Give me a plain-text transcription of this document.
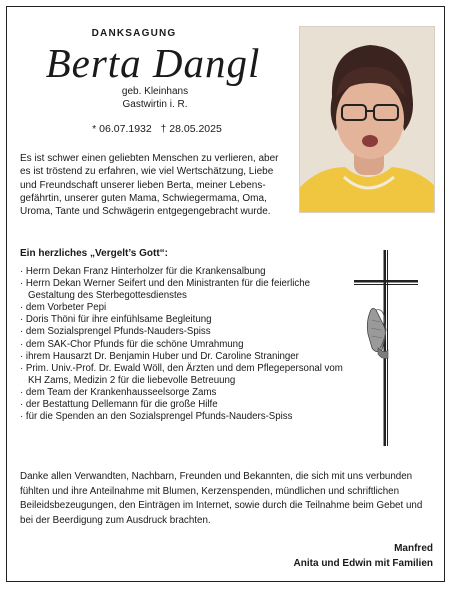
DANKSAGUNG
Berta Dangl
geb. Kleinhans
Gastwirtin i. R.
* 06.07.1932 † 28.05.2025
Es ist schwer einen geliebten Menschen zu verlieren, aber
es ist tröstend zu erfahren, wie viel Wertschätzung, Liebe
und Freundschaft unserer lieben Berta, meiner Lebens-
gefährtin, unserer guten Mama, Schwiegermama, Oma,
Uroma, Tante und Schwägerin entgegengebracht wurde.
Ein herzliches „Vergelt’s Gott“:
· Herrn Dekan Franz Hinterholzer für die Krankensalbung
· Herrn Dekan Werner Seifert und den Ministranten für die feierliche Gestaltung des Sterbegottesdienstes
· dem Vorbeter Pepi
· Doris Thöni für ihre einfühlsame Begleitung
· dem Sozialsprengel Pfunds-Nauders-Spiss
· dem SAK-Chor Pfunds für die schöne Umrahmung
· ihrem Hausarzt Dr. Benjamin Huber und Dr. Caroline Straninger
· Prim. Univ.-Prof. Dr. Ewald Wöll, den Ärzten und dem Pflegepersonal vom KH Zams, Medizin 2 für die liebevolle Betreuung
· dem Team der Krankenhausseelsorge Zams
· der Bestattung Dellemann für die große Hilfe
· für die Spenden an den Sozialsprengel Pfunds-Nauders-Spiss
Danke allen Verwandten, Nachbarn, Freunden und Bekannten, die sich mit uns verbunden
fühlten und ihre Anteilnahme mit Blumen, Kerzenspenden, mündlichen und schriftlichen
Beileidsbezeugungen, den Einträgen im Internet, sowie durch die Teilnahme beim Gebet und
bei der Beerdigung zum Ausdruck brachten.
Manfred
Anita und Edwin mit Familien
